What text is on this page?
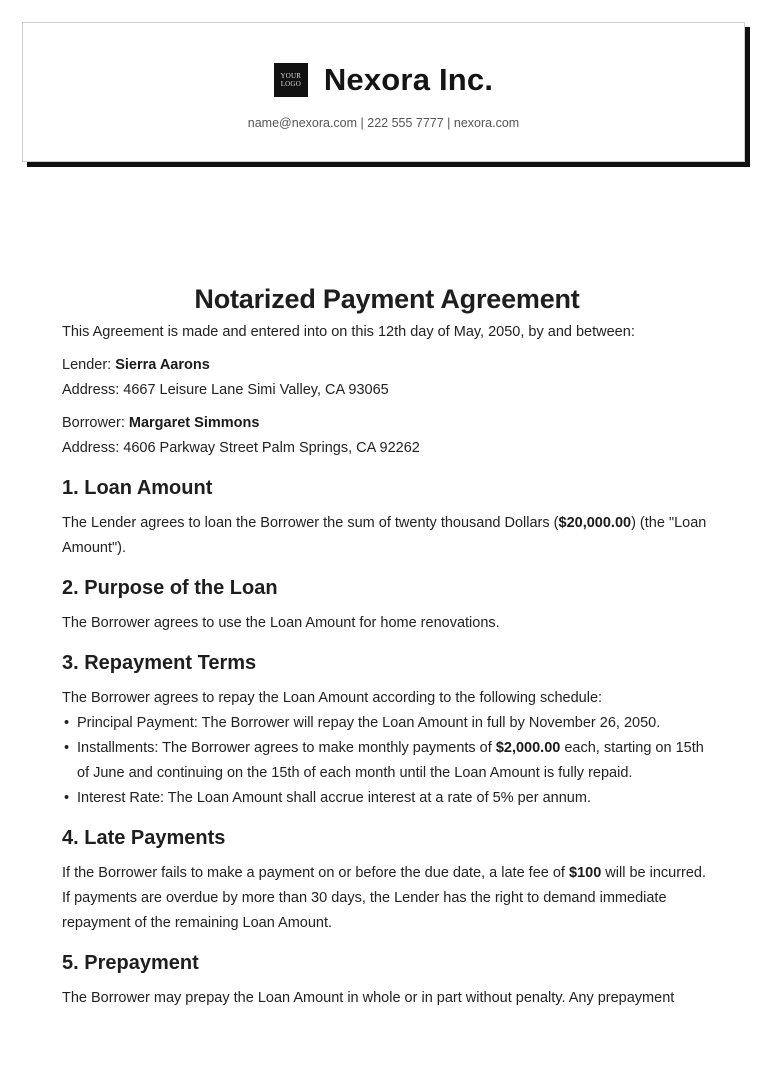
YOUR
LOGO Nexora Inc.
name@nexora.com | 222 555 7777 | nexora.com
Notarized Payment Agreement

This Agreement is made and entered into on this 12th day of May, 2050, by and between:

Lender: Sierra Aarons

Address: 4667 Leisure Lane Simi Valley, CA 93065

Borrower: Margaret Simmons

Address: 4606 Parkway Street Palm Springs, CA 92262

1. Loan Amount

The Lender agrees to loan the Borrower the sum of twenty thousand Dollars ($20,000.00) (the "Loan Amount").

2. Purpose of the Loan

The Borrower agrees to use the Loan Amount for home renovations.

3. Repayment Terms

The Borrower agrees to repay the Loan Amount according to the following schedule:

• Principal Payment: The Borrower will repay the Loan Amount in full by November 26, 2050.
• Installments: The Borrower agrees to make monthly payments of $2,000.00 each, starting on 15th of June and continuing on the 15th of each month until the Loan Amount is fully repaid.
• Interest Rate: The Loan Amount shall accrue interest at a rate of 5% per annum.
4. Late Payments

If the Borrower fails to make a payment on or before the due date, a late fee of $100 will be incurred. If payments are overdue by more than 30 days, the Lender has the right to demand immediate repayment of the remaining Loan Amount.

5. Prepayment

The Borrower may prepay the Loan Amount in whole or in part without penalty. Any prepayment
